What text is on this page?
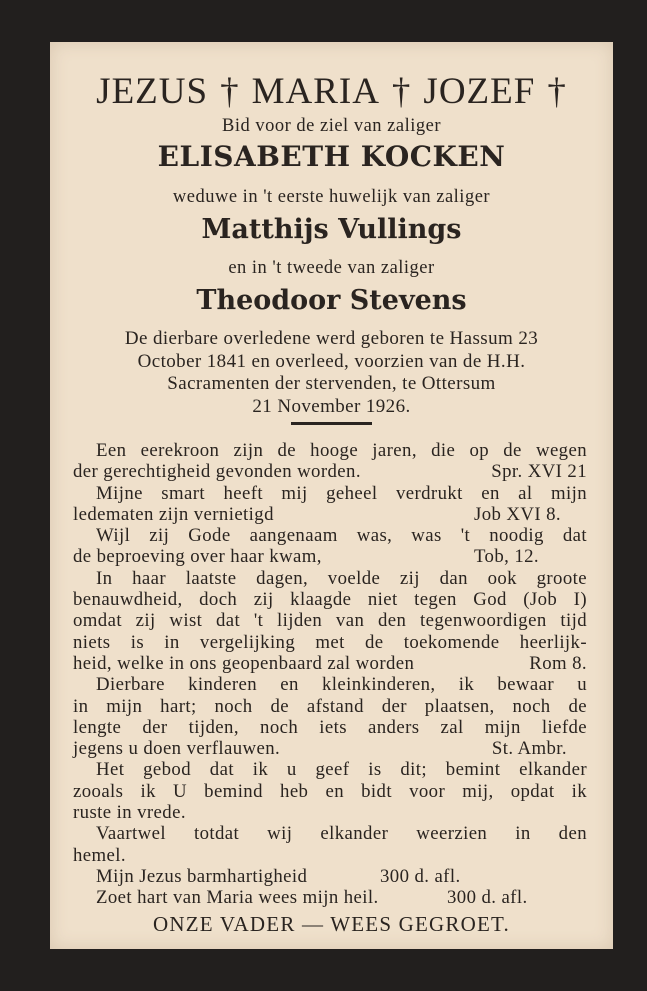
JEZUS † MARIA † JOZEF †
Bid voor de ziel van zaliger
ELISABETH KOCKEN
weduwe in 't eerste huwelijk van zaliger
Matthijs Vullings
en in 't tweede van zaliger
Theodoor Stevens
De dierbare overledene werd geboren te Hassum 23
October 1841 en overleed, voorzien van de H.H.
Sacramenten der stervenden, te Ottersum
21 November 1926.
Een eerekroon zijn de hooge jaren, die op de wegen
der gerechtigheid gevonden worden.	Spr. XVI 21
Mijne smart heeft mij geheel verdrukt en al mijn
ledematen zijn vernietigd	Job XVI 8.
Wijl zij Gode aangenaam was, was 't noodig dat
de beproeving over haar kwam,	Tob, 12.
In haar laatste dagen, voelde zij dan ook groote
benauwdheid, doch zij klaagde niet tegen God (Job I)
omdat zij wist dat 't lijden van den tegenwoordigen tijd
niets is in vergelijking met de toekomende heerlijk-
heid, welke in ons geopenbaard zal worden	Rom 8.
Dierbare kinderen en kleinkinderen, ik bewaar u
in mijn hart; noch de afstand der plaatsen, noch de
lengte der tijden, noch iets anders zal mijn liefde
jegens u doen verflauwen.	St. Ambr.
Het gebod dat ik u geef is dit; bemint elkander
zooals ik U bemind heb en bidt voor mij, opdat ik
ruste in vrede.
Vaartwel totdat wij elkander weerzien in den
hemel.
Mijn Jezus barmhartigheid	300 d. afl.
Zoet hart van Maria wees mijn heil.	300 d. afl.
ONZE VADER — WEES GEGROET.
